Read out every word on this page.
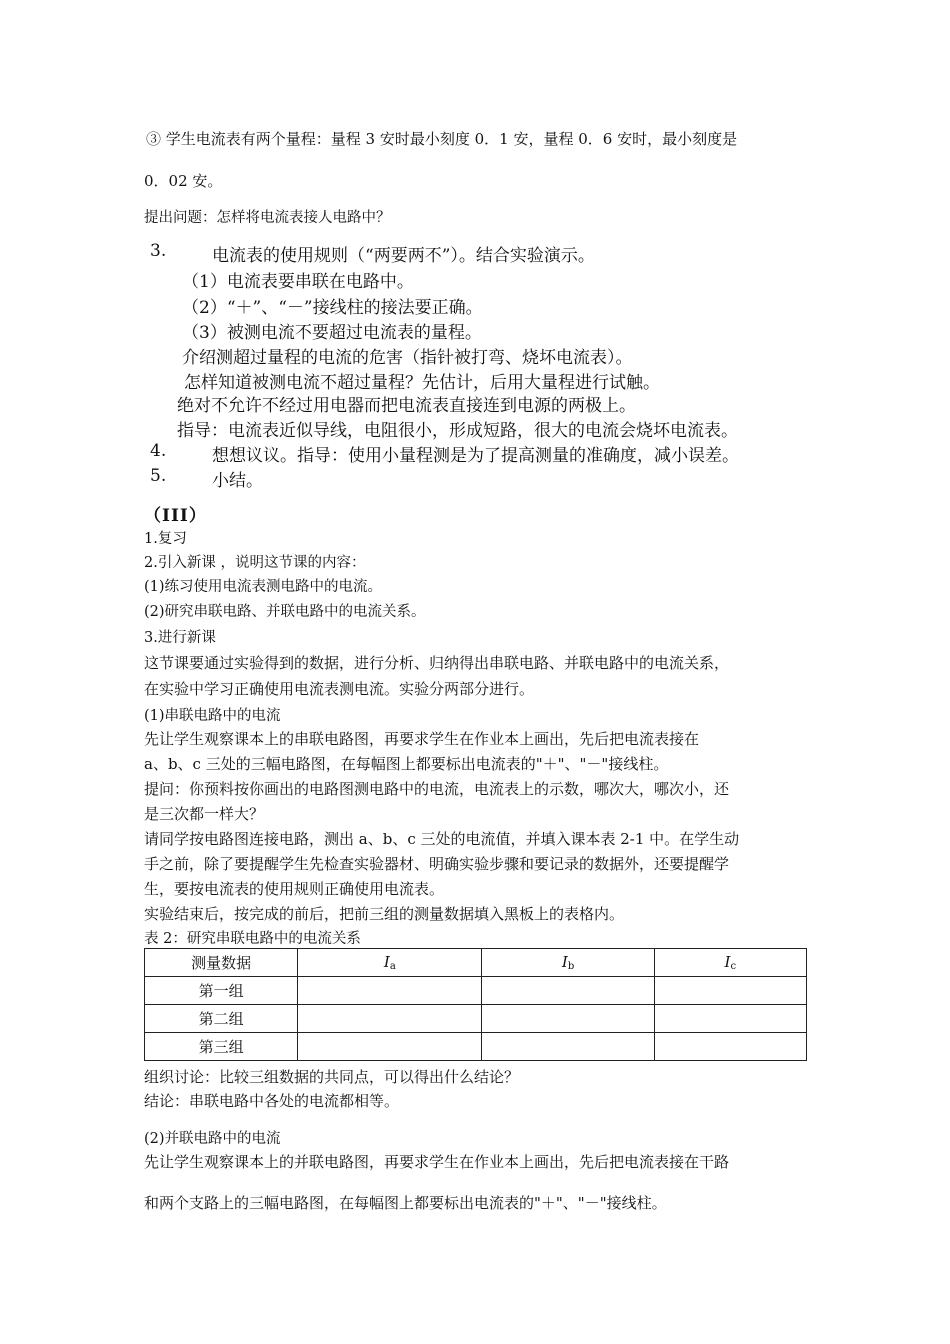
③ 学生电流表有两个量程：量程 3 安时最小刻度 0．1 安，量程 0．6 安时，最小刻度是
0．02 安。
提出问题：怎样将电流表接人电路中？
3.	电流表的使用规则（“两要两不”）。结合实验演示。
（1）电流表要串联在电路中。
（2）“＋”、“－”接线柱的接法要正确。
（3）被测电流不要超过电流表的量程。
介绍测超过量程的电流的危害（指针被打弯、烧坏电流表）。
怎样知道被测电流不超过量程？先估计，后用大量程进行试触。
绝对不允许不经过用电器而把电流表直接连到电源的两极上。
指导：电流表近似导线，电阻很小，形成短路，很大的电流会烧坏电流表。
4.	想想议议。指导：使用小量程测是为了提高测量的准确度，减小误差。
5.	小结。
（III）
1.复习
2.引入新课 ，说明这节课的内容：
(1)练习使用电流表测电路中的电流。
(2)研究串联电路、并联电路中的电流关系。
3.进行新课
这节课要通过实验得到的数据，进行分析、归纳得出串联电路、并联电路中的电流关系，
在实验中学习正确使用电流表测电流。实验分两部分进行。
(1)串联电路中的电流
先让学生观察课本上的串联电路图，再要求学生在作业本上画出，先后把电流表接在
a、b、c 三处的三幅电路图，在每幅图上都要标出电流表的"＋"、"－"接线柱。
提问：你预料按你画出的电路图测电路中的电流，电流表上的示数，哪次大，哪次小，还
是三次都一样大？
请同学按电路图连接电路，测出 a、b、c 三处的电流值，并填入课本表 2-1 中。在学生动
手之前，除了要提醒学生先检查实验器材、明确实验步骤和要记录的数据外，还要提醒学
生，要按电流表的使用规则正确使用电流表。
实验结束后，按完成的前后，把前三组的测量数据填入黑板上的表格内。
表 2：研究串联电路中的电流关系
测量数据	$I_a$	$I_b$	$I_c$
第一组			
第二组			
第三组			
组织讨论：比较三组数据的共同点，可以得出什么结论？
结论：串联电路中各处的电流都相等。
(2)并联电路中的电流
先让学生观察课本上的并联电路图，再要求学生在作业本上画出，先后把电流表接在干路
和两个支路上的三幅电路图，在每幅图上都要标出电流表的"＋"、"－"接线柱。
